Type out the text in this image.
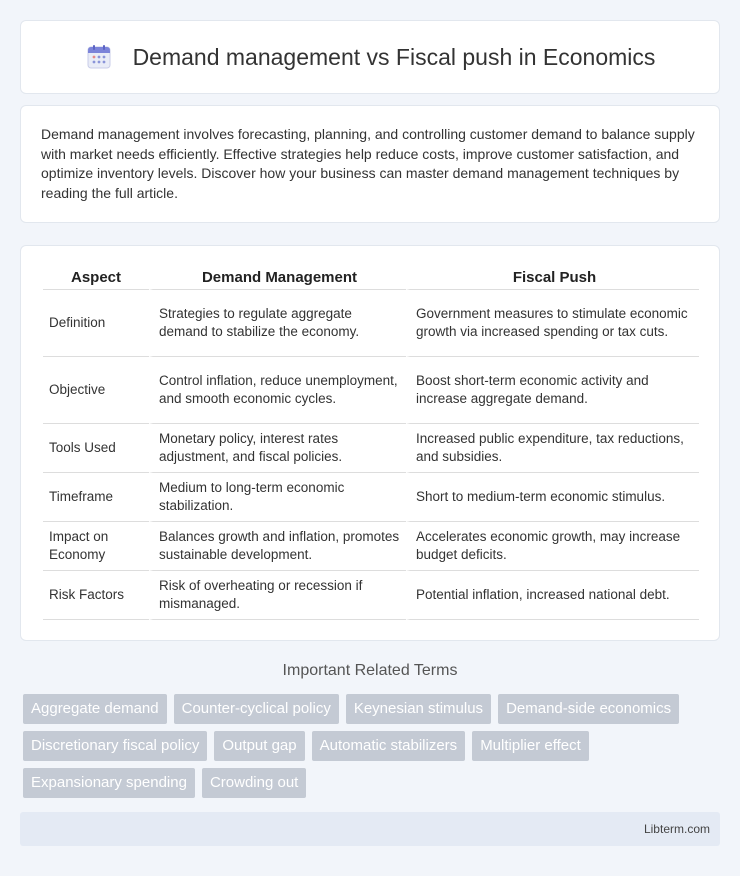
Demand management vs Fiscal push in Economics

Demand management involves forecasting, planning, and controlling customer demand to balance supply with market needs efficiently. Effective strategies help reduce costs, improve customer satisfaction, and optimize inventory levels. Discover how your business can master demand management techniques by reading the full article.

Aspect	Demand Management	Fiscal Push
Definition	Strategies to regulate aggregate demand to stabilize the economy.	Government measures to stimulate economic growth via increased spending or tax cuts.
Objective	Control inflation, reduce unemployment, and smooth economic cycles.	Boost short-term economic activity and increase aggregate demand.
Tools Used	Monetary policy, interest rates adjustment, and fiscal policies.	Increased public expenditure, tax reductions, and subsidies.
Timeframe	Medium to long-term economic stabilization.	Short to medium-term economic stimulus.
Impact on Economy	Balances growth and inflation, promotes sustainable development.	Accelerates economic growth, may increase budget deficits.
Risk Factors	Risk of overheating or recession if mismanaged.	Potential inflation, increased national debt.
Important Related Terms
Aggregate demand	Counter-cyclical policy	Keynesian stimulus	Demand-side economics
Discretionary fiscal policy	Output gap	Automatic stabilizers	Multiplier effect
Expansionary spending	Crowding out
Libterm.com
